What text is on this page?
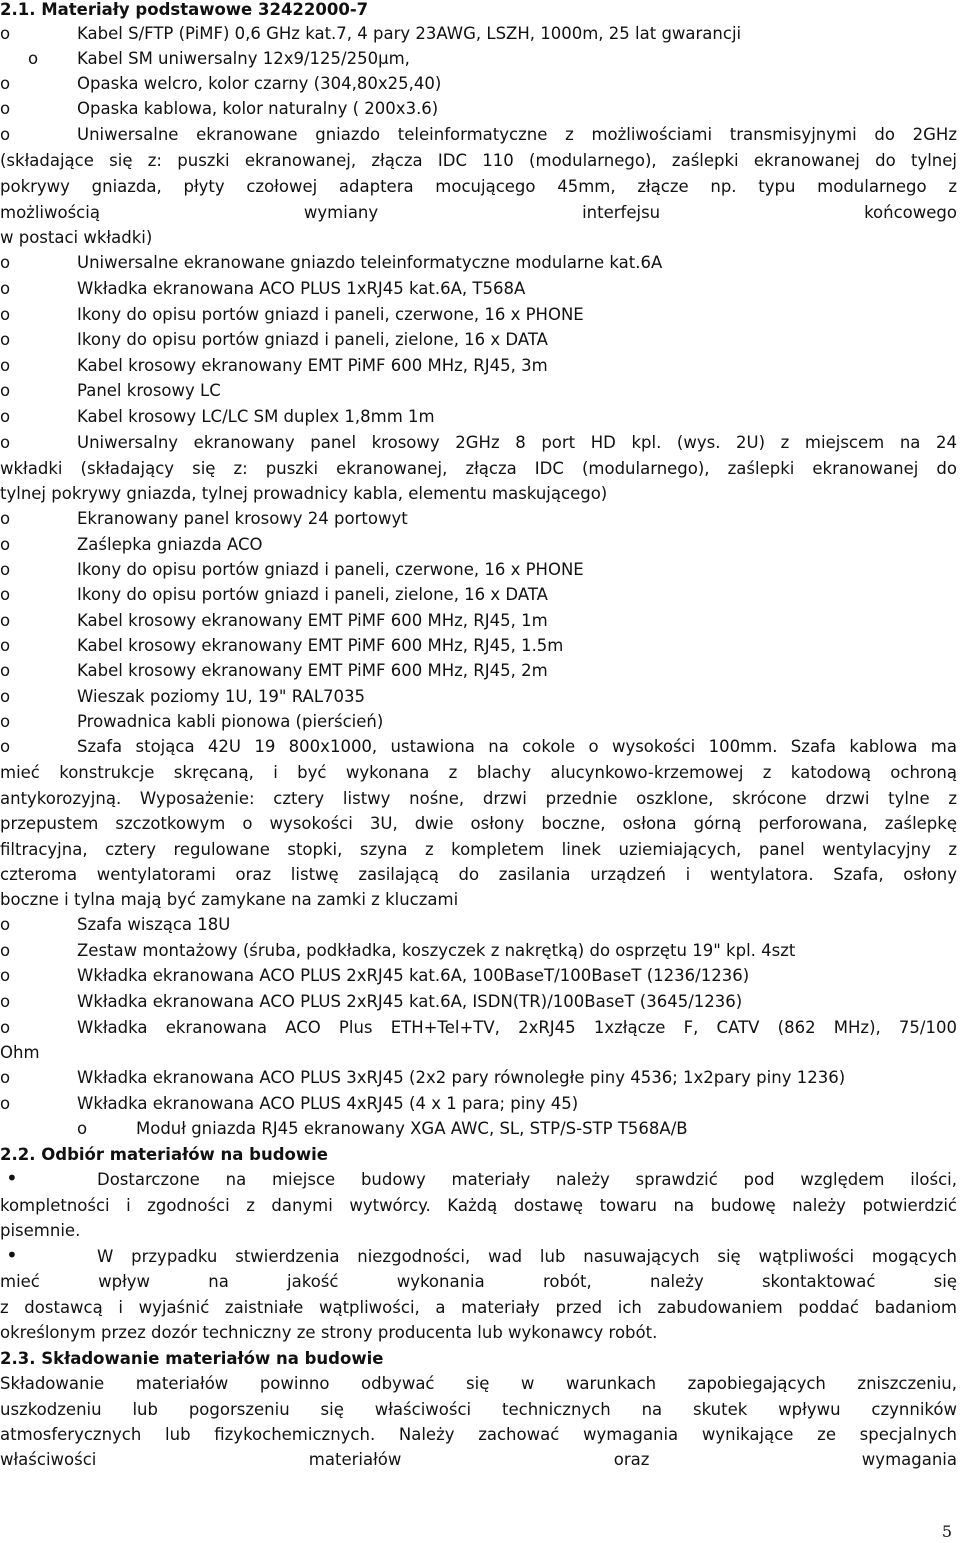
2.1. Materiały podstawowe 32422000-7
o	Kabel S/FTP (PiMF) 0,6 GHz kat.7, 4 pary 23AWG, LSZH, 1000m, 25 lat gwarancji
o Kabel SM uniwersalny 12x9/125/250µm,
o	Opaska welcro, kolor czarny (304,80x25,40)
o	Opaska kablowa, kolor naturalny ( 200x3.6)
o	Uniwersalne ekranowane gniazdo teleinformatyczne z możliwościami transmisyjnymi do 2GHz
(składające się z: puszki ekranowanej, złącza IDC 110 (modularnego), zaślepki ekranowanej do tylnej
pokrywy gniazda, płyty czołowej adaptera mocującego 45mm, złącze np. typu modularnego z
możliwością wymiany interfejsu końcowego
w postaci wkładki)
o	Uniwersalne ekranowane gniazdo teleinformatyczne modularne kat.6A
o	Wkładka ekranowana ACO PLUS 1xRJ45 kat.6A, T568A
o	Ikony do opisu portów gniazd i paneli, czerwone, 16 x PHONE
o	Ikony do opisu portów gniazd i paneli, zielone, 16 x DATA
o	Kabel krosowy ekranowany EMT PiMF 600 MHz, RJ45, 3m
o	Panel krosowy LC
o	Kabel krosowy LC/LC SM duplex 1,8mm 1m
o	Uniwersalny ekranowany panel krosowy 2GHz 8 port HD kpl. (wys. 2U) z miejscem na 24
wkładki (składający się z: puszki ekranowanej, złącza IDC (modularnego), zaślepki ekranowanej do
tylnej pokrywy gniazda, tylnej prowadnicy kabla, elementu maskującego)
o	Ekranowany panel krosowy 24 portowyt
o	Zaślepka gniazda ACO
o	Ikony do opisu portów gniazd i paneli, czerwone, 16 x PHONE
o	Ikony do opisu portów gniazd i paneli, zielone, 16 x DATA
o	Kabel krosowy ekranowany EMT PiMF 600 MHz, RJ45, 1m
o	Kabel krosowy ekranowany EMT PiMF 600 MHz, RJ45, 1.5m
o	Kabel krosowy ekranowany EMT PiMF 600 MHz, RJ45, 2m
o	Wieszak poziomy 1U, 19" RAL7035
o	Prowadnica kabli pionowa (pierścień)
o	Szafa stojąca 42U 19 800x1000, ustawiona na cokole o wysokości 100mm. Szafa kablowa ma
mieć konstrukcje skręcaną, i być wykonana z blachy alucynkowo-krzemowej z katodową ochroną
antykorozyjną. Wyposażenie: cztery listwy nośne, drzwi przednie oszklone, skrócone drzwi tylne z
przepustem szczotkowym o wysokości 3U, dwie osłony boczne, osłona górną perforowana, zaślepkę
filtracyjna, cztery regulowane stopki, szyna z kompletem linek uziemiających, panel wentylacyjny z
czteroma wentylatorami oraz listwę zasilającą do zasilania urządzeń i wentylatora. Szafa, osłony
boczne i tylna mają być zamykane na zamki z kluczami
o	Szafa wisząca 18U
o	Zestaw montażowy (śruba, podkładka, koszyczek z nakrętką) do osprzętu 19" kpl. 4szt
o	Wkładka ekranowana ACO PLUS 2xRJ45 kat.6A, 100BaseT/100BaseT (1236/1236)
o	Wkładka ekranowana ACO PLUS 2xRJ45 kat.6A, ISDN(TR)/100BaseT (3645/1236)
o	Wkładka ekranowana ACO Plus ETH+Tel+TV, 2xRJ45 1xzłącze F, CATV (862 MHz), 75/100
Ohm
o	Wkładka ekranowana ACO PLUS 3xRJ45 (2x2 pary równoległe piny 4536; 1x2pary piny 1236)
o	Wkładka ekranowana ACO PLUS 4xRJ45 (4 x 1 para; piny 45)
o	Moduł gniazda RJ45 ekranowany XGA AWC, SL, STP/S-STP T568A/B
2.2. Odbiór materiałów na budowie
•	Dostarczone na miejsce budowy materiały należy sprawdzić pod względem ilości,
kompletności i zgodności z danymi wytwórcy. Każdą dostawę towaru na budowę należy potwierdzić
pisemnie.
•	W przypadku stwierdzenia niezgodności, wad lub nasuwających się wątpliwości mogących
mieć wpływ na jakość wykonania robót, należy skontaktować się
z dostawcą i wyjaśnić zaistniałe wątpliwości, a materiały przed ich zabudowaniem poddać badaniom
określonym przez dozór techniczny ze strony producenta lub wykonawcy robót.
2.3. Składowanie materiałów na budowie
Składowanie materiałów powinno odbywać się w warunkach zapobiegających zniszczeniu,
uszkodzeniu lub pogorszeniu się właściwości technicznych na skutek wpływu czynników
atmosferycznych lub fizykochemicznych. Należy zachować wymagania wynikające ze specjalnych
właściwości materiałów oraz wymagania
5
